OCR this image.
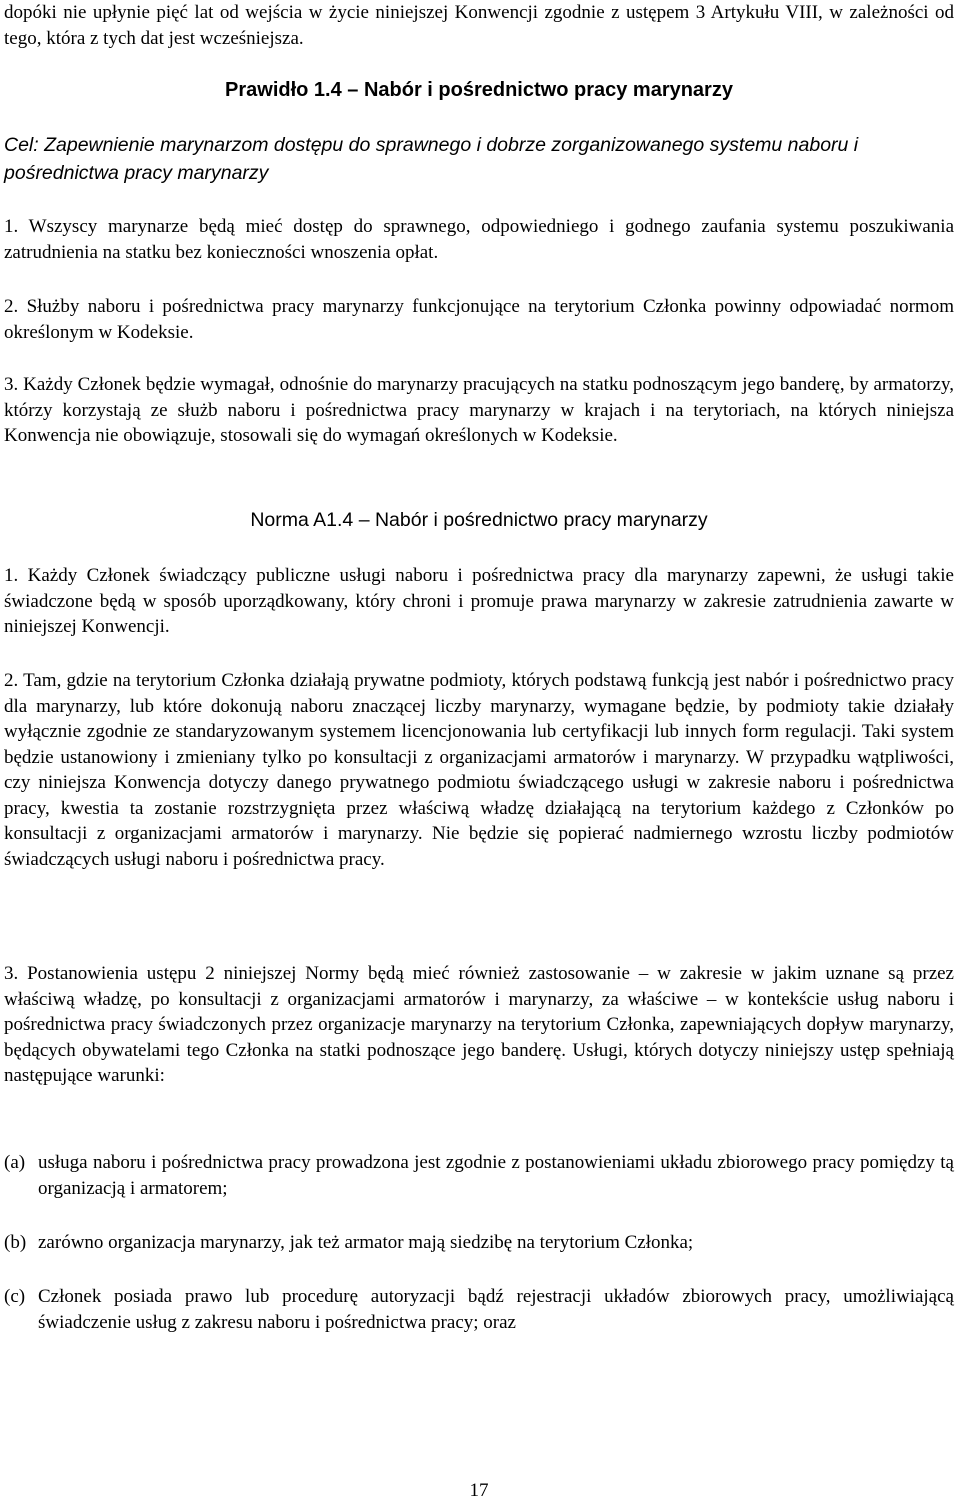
dopóki nie upłynie pięć lat od wejścia w życie niniejszej Konwencji zgodnie z ustępem 3 Artykułu VIII, w zależności od tego, która z tych dat jest wcześniejsza.

Prawidło 1.4 – Nabór i pośrednictwo pracy marynarzy

Cel: Zapewnienie marynarzom dostępu do sprawnego i dobrze zorganizowanego systemu naboru i pośrednictwa pracy marynarzy

1. Wszyscy marynarze będą mieć dostęp do sprawnego, odpowiedniego i godnego zaufania systemu poszukiwania zatrudnienia na statku bez konieczności wnoszenia opłat.

2. Służby naboru i pośrednictwa pracy marynarzy funkcjonujące na terytorium Członka powinny odpowiadać normom określonym w Kodeksie.

3. Każdy Członek będzie wymagał, odnośnie do marynarzy pracujących na statku podnoszącym jego banderę, by armatorzy, którzy korzystają ze służb naboru i pośrednictwa pracy marynarzy w krajach i na terytoriach, na których niniejsza Konwencja nie obowiązuje, stosowali się do wymagań określonych w Kodeksie.

Norma A1.4 – Nabór i pośrednictwo pracy marynarzy

1. Każdy Członek świadczący publiczne usługi naboru i pośrednictwa pracy dla marynarzy zapewni, że usługi takie świadczone będą w sposób uporządkowany, który chroni i promuje prawa marynarzy w zakresie zatrudnienia zawarte w niniejszej Konwencji.

2. Tam, gdzie na terytorium Członka działają prywatne podmioty, których podstawą funkcją jest nabór i pośrednictwo pracy dla marynarzy, lub które dokonują naboru znaczącej liczby marynarzy, wymagane będzie, by podmioty takie działały wyłącznie zgodnie ze standaryzowanym systemem licencjonowania lub certyfikacji lub innych form regulacji. Taki system będzie ustanowiony i zmieniany tylko po konsultacji z organizacjami armatorów i marynarzy. W przypadku wątpliwości, czy niniejsza Konwencja dotyczy danego prywatnego podmiotu świadczącego usługi w zakresie naboru i pośrednictwa pracy, kwestia ta zostanie rozstrzygnięta przez właściwą władzę działającą na terytorium każdego z Członków po konsultacji z organizacjami armatorów i marynarzy. Nie będzie się popierać nadmiernego wzrostu liczby podmiotów świadczących usługi naboru i pośrednictwa pracy.

3. Postanowienia ustępu 2 niniejszej Normy będą mieć również zastosowanie – w zakresie w jakim uznane są przez właściwą władzę, po konsultacji z organizacjami armatorów i marynarzy, za właściwe – w kontekście usług naboru i pośrednictwa pracy świadczonych przez organizacje marynarzy na terytorium Członka, zapewniających dopływ marynarzy, będących obywatelami tego Członka na statki podnoszące jego banderę. Usługi, których dotyczy niniejszy ustęp spełniają następujące warunki:

(a) usługa naboru i pośrednictwa pracy prowadzona jest zgodnie z postanowieniami układu zbiorowego pracy pomiędzy tą organizacją i armatorem;
(b) zarówno organizacja marynarzy, jak też armator mają siedzibę na terytorium Członka;
(c) Członek posiada prawo lub procedurę autoryzacji bądź rejestracji układów zbiorowych pracy, umożliwiającą świadczenie usług z zakresu naboru i pośrednictwa pracy; oraz

17
